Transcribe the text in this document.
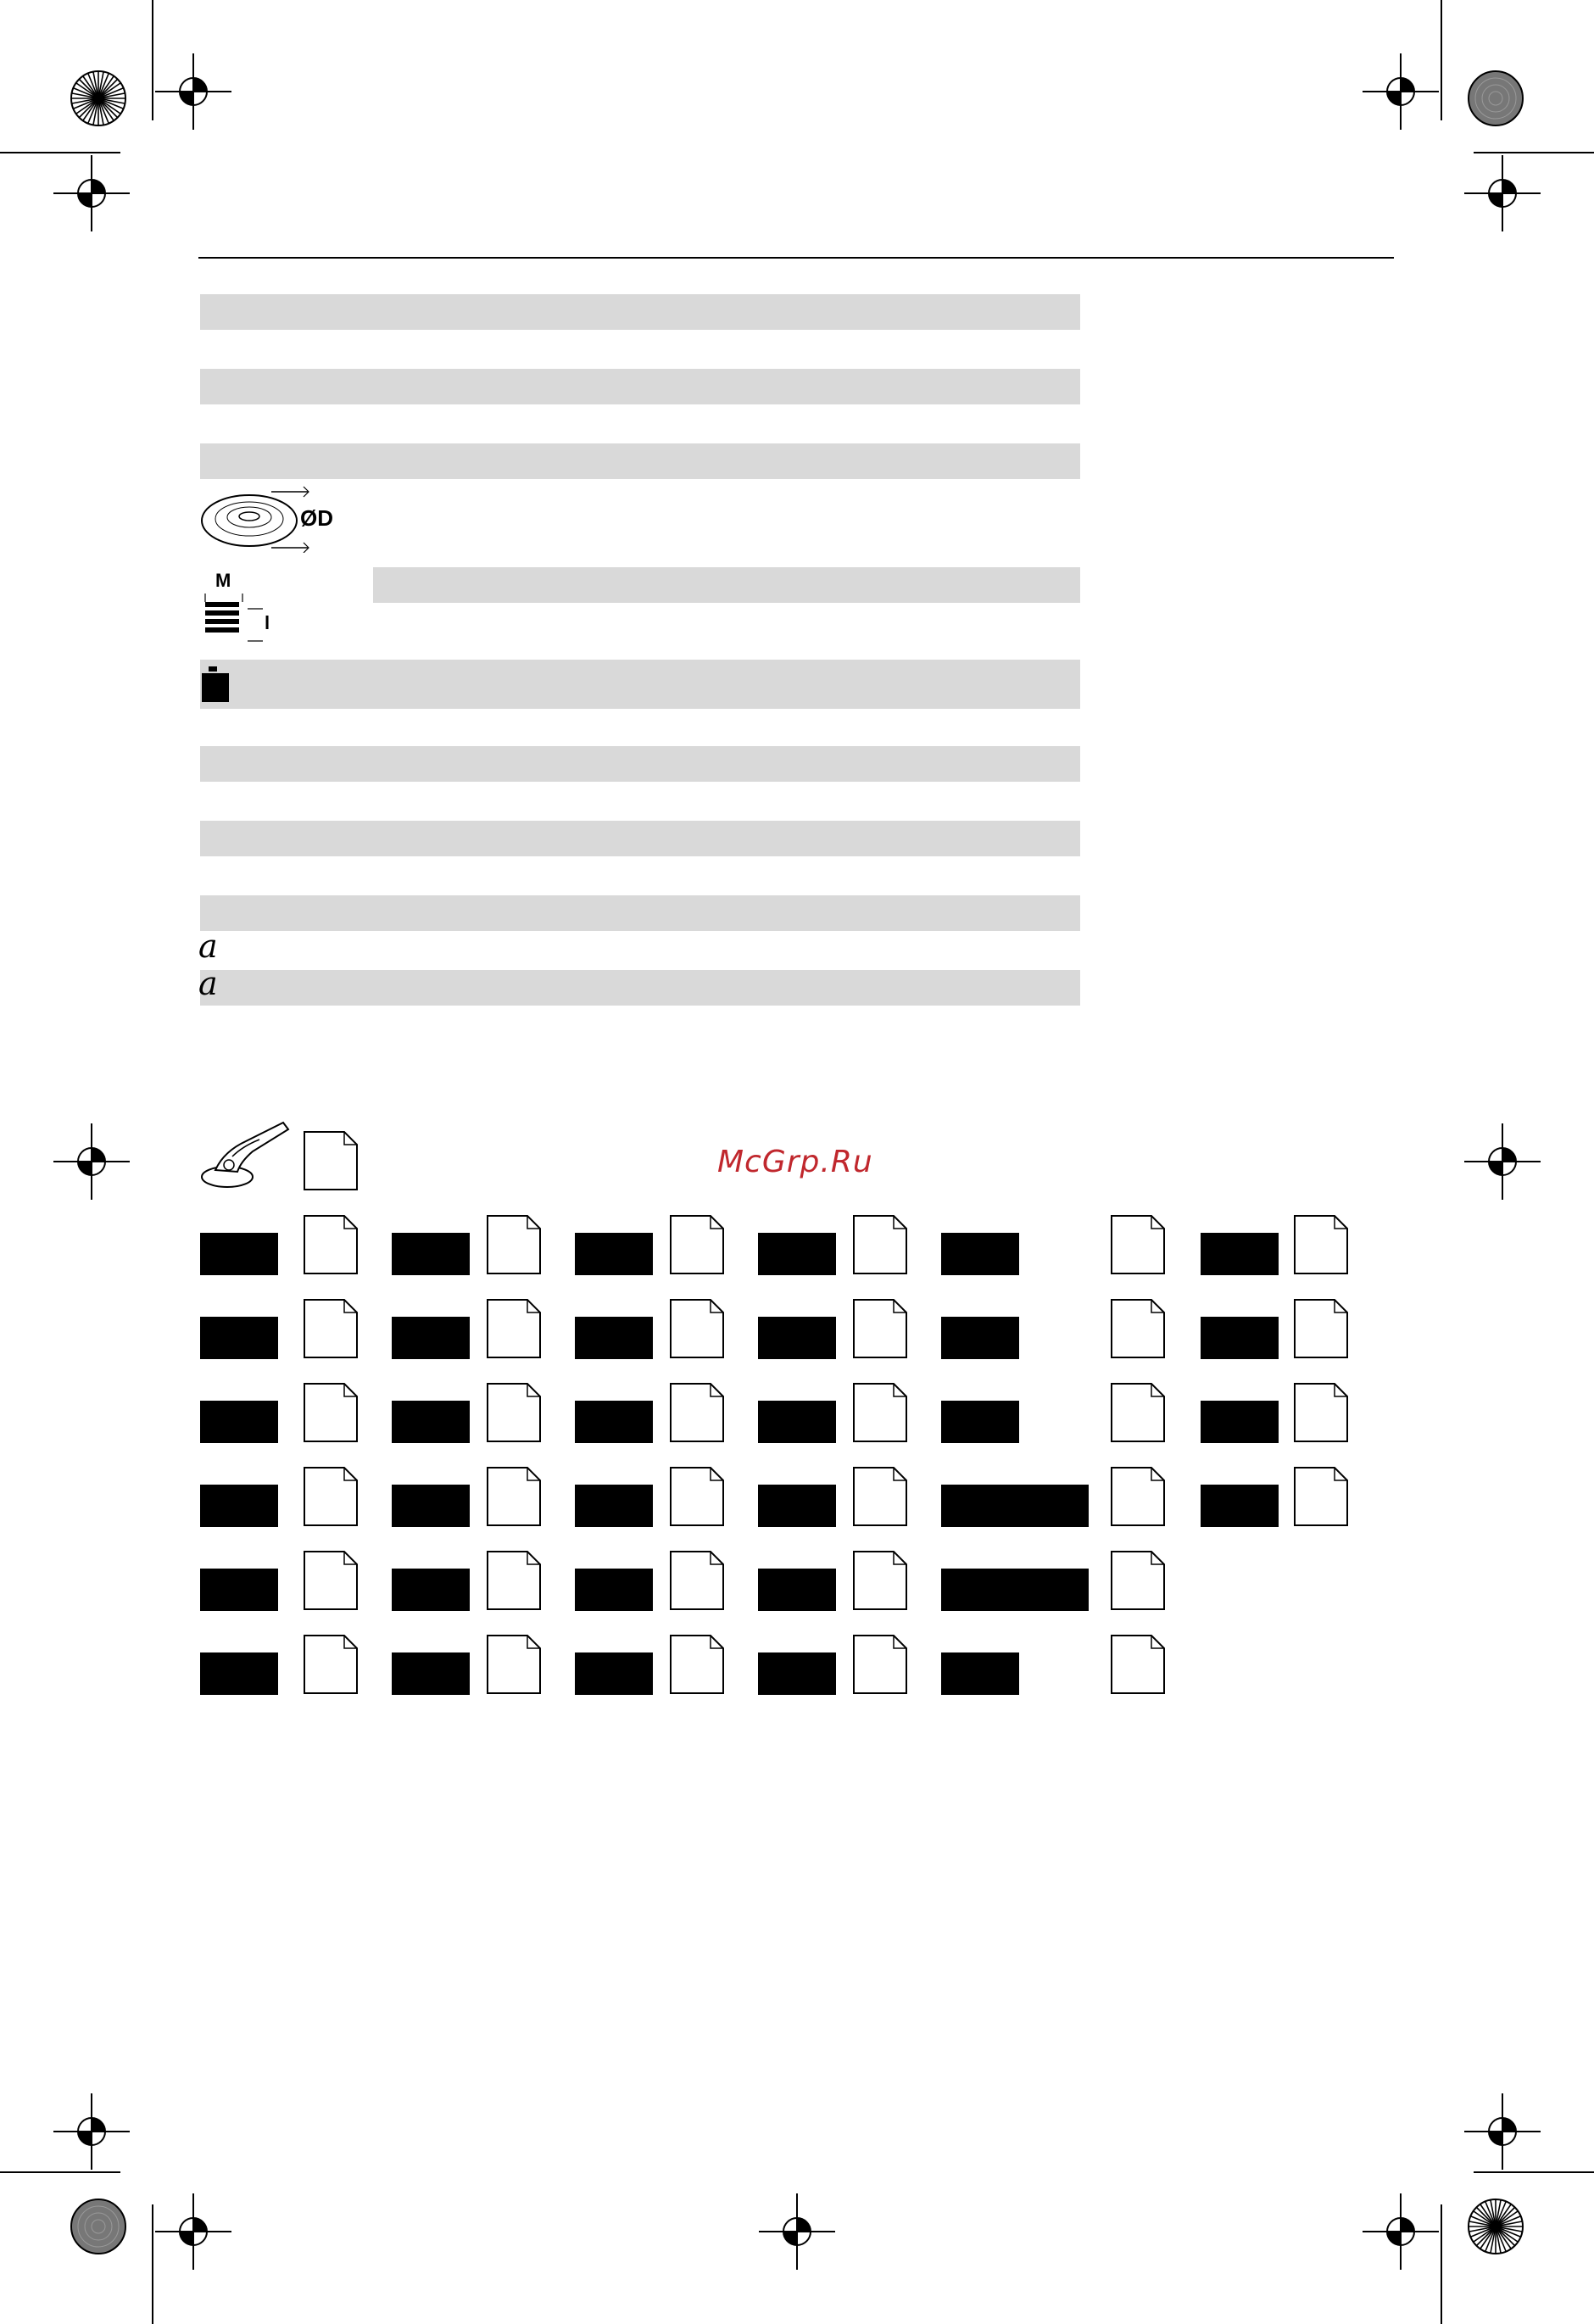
ØD
M
l
a
a
McGrp.Ru
